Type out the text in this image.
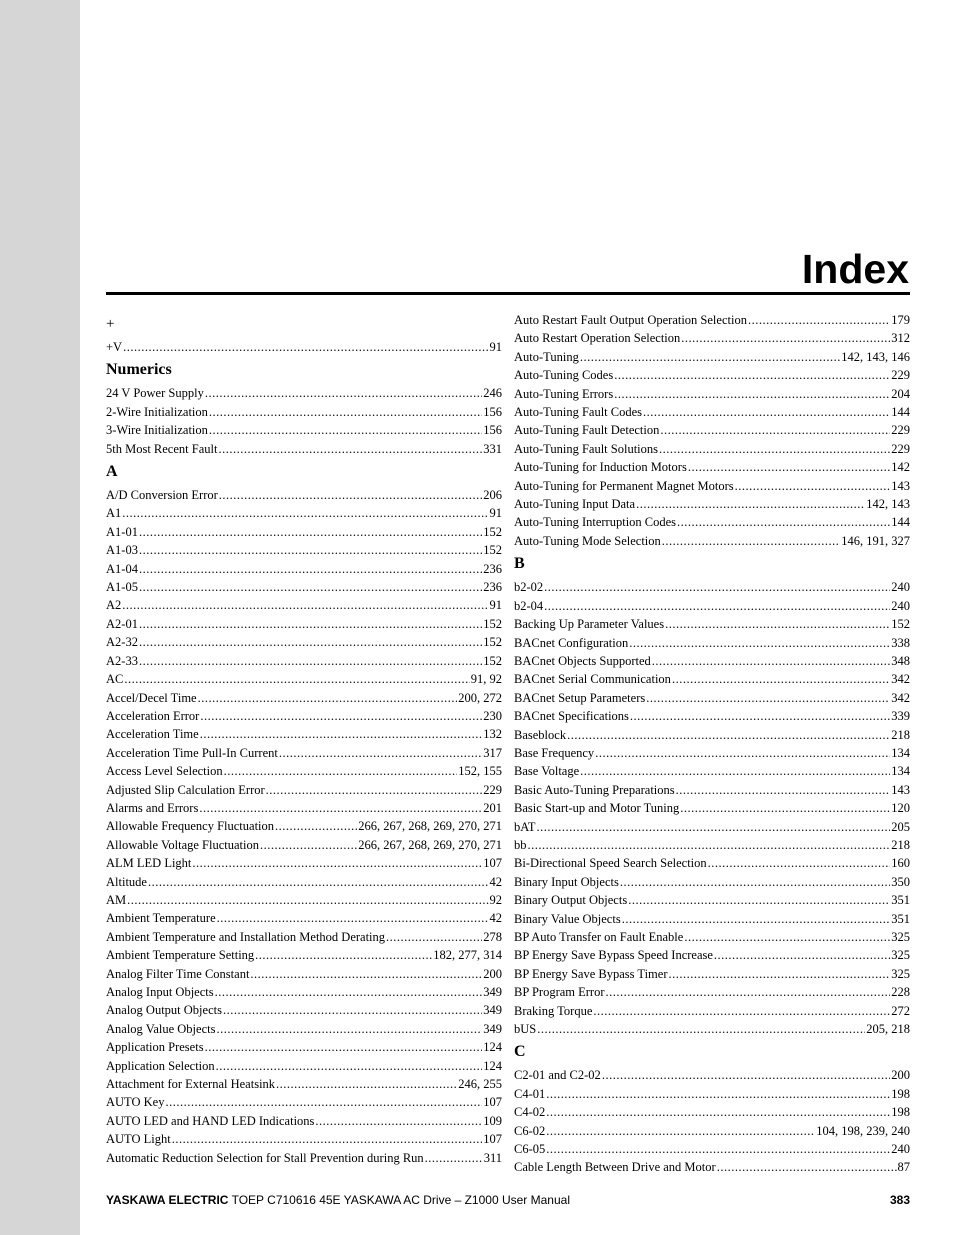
Index
+
+V .....	91
Numerics
24 V Power Supply .....	246
2-Wire Initialization .....	156
3-Wire Initialization .....	156
5th Most Recent Fault .....	331
A
A/D Conversion Error .....	206
A1 .....	91
A1-01 .....	152
A1-03 .....	152
A1-04 .....	236
A1-05 .....	236
A2 .....	91
A2-01 .....	152
A2-32 .....	152
A2-33 .....	152
AC .....	91, 92
Accel/Decel Time .....	200, 272
Acceleration Error .....	230
Acceleration Time .....	132
Acceleration Time Pull-In Current .....	317
Access Level Selection .....	152, 155
Adjusted Slip Calculation Error .....	229
Alarms and Errors .....	201
Allowable Frequency Fluctuation .....	266, 267, 268, 269, 270, 271
Allowable Voltage Fluctuation .....	266, 267, 268, 269, 270, 271
ALM LED Light .....	107
Altitude .....	42
AM .....	92
Ambient Temperature .....	42
Ambient Temperature and Installation Method Derating .....	278
Ambient Temperature Setting .....	182, 277, 314
Analog Filter Time Constant .....	200
Analog Input Objects .....	349
Analog Output Objects .....	349
Analog Value Objects .....	349
Application Presets .....	124
Application Selection .....	124
Attachment for External Heatsink .....	246, 255
AUTO Key .....	107
AUTO LED and HAND LED Indications .....	109
AUTO Light .....	107
Automatic Reduction Selection for Stall Prevention during Run .....	311
Auto Restart Fault Output Operation Selection .....	179
Auto Restart Operation Selection .....	312
Auto-Tuning .....	142, 143, 146
Auto-Tuning Codes .....	229
Auto-Tuning Errors .....	204
Auto-Tuning Fault Codes .....	144
Auto-Tuning Fault Detection .....	229
Auto-Tuning Fault Solutions .....	229
Auto-Tuning for Induction Motors .....	142
Auto-Tuning for Permanent Magnet Motors .....	143
Auto-Tuning Input Data .....	142, 143
Auto-Tuning Interruption Codes .....	144
Auto-Tuning Mode Selection .....	146, 191, 327
B
b2-02 .....	240
b2-04 .....	240
Backing Up Parameter Values .....	152
BACnet Configuration .....	338
BACnet Objects Supported .....	348
BACnet Serial Communication .....	342
BACnet Setup Parameters .....	342
BACnet Specifications .....	339
Baseblock .....	218
Base Frequency .....	134
Base Voltage .....	134
Basic Auto-Tuning Preparations .....	143
Basic Start-up and Motor Tuning .....	120
bAT .....	205
bb .....	218
Bi-Directional Speed Search Selection .....	160
Binary Input Objects .....	350
Binary Output Objects .....	351
Binary Value Objects .....	351
BP Auto Transfer on Fault Enable .....	325
BP Energy Save Bypass Speed Increase .....	325
BP Energy Save Bypass Timer .....	325
BP Program Error .....	228
Braking Torque .....	272
bUS .....	205, 218
C
C2-01 and C2-02 .....	200
C4-01 .....	198
C4-02 .....	198
C6-02 .....	104, 198, 239, 240
C6-05 .....	240
Cable Length Between Drive and Motor .....	87
YASKAWA ELECTRIC TOEP C710616 45E YASKAWA AC Drive – Z1000 User Manual	383
